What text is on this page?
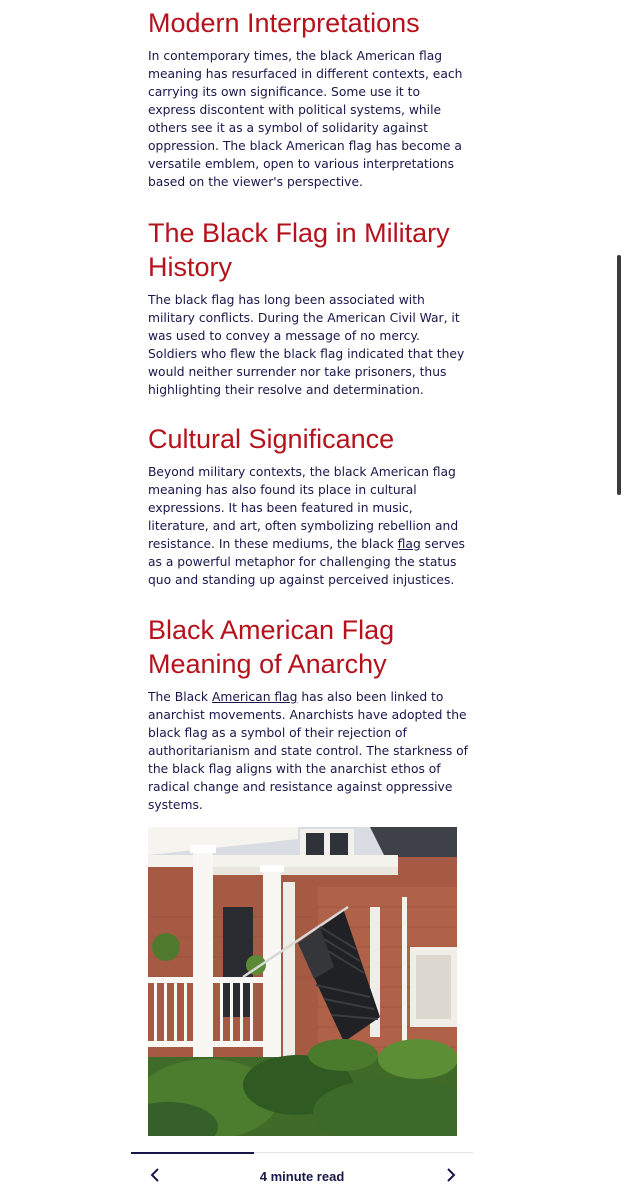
Modern Interpretations

In contemporary times, the black American flag meaning has resurfaced in different contexts, each carrying its own significance. Some use it to express discontent with political systems, while others see it as a symbol of solidarity against oppression. The black American flag has become a versatile emblem, open to various interpretations based on the viewer's perspective.

The Black Flag in Military History

The black flag has long been associated with military conflicts. During the American Civil War, it was used to convey a message of no mercy. Soldiers who flew the black flag indicated that they would neither surrender nor take prisoners, thus highlighting their resolve and determination.

Cultural Significance

Beyond military contexts, the black American flag meaning has also found its place in cultural expressions. It has been featured in music, literature, and art, often symbolizing rebellion and resistance. In these mediums, the black flag serves as a powerful metaphor for challenging the status quo and standing up against perceived injustices.

Black American Flag Meaning of Anarchy

The Black American flag has also been linked to anarchist movements. Anarchists have adopted the black flag as a symbol of their rejection of authoritarianism and state control. The starkness of the black flag aligns with the anarchist ethos of radical change and resistance against oppressive systems.

4 minute read
